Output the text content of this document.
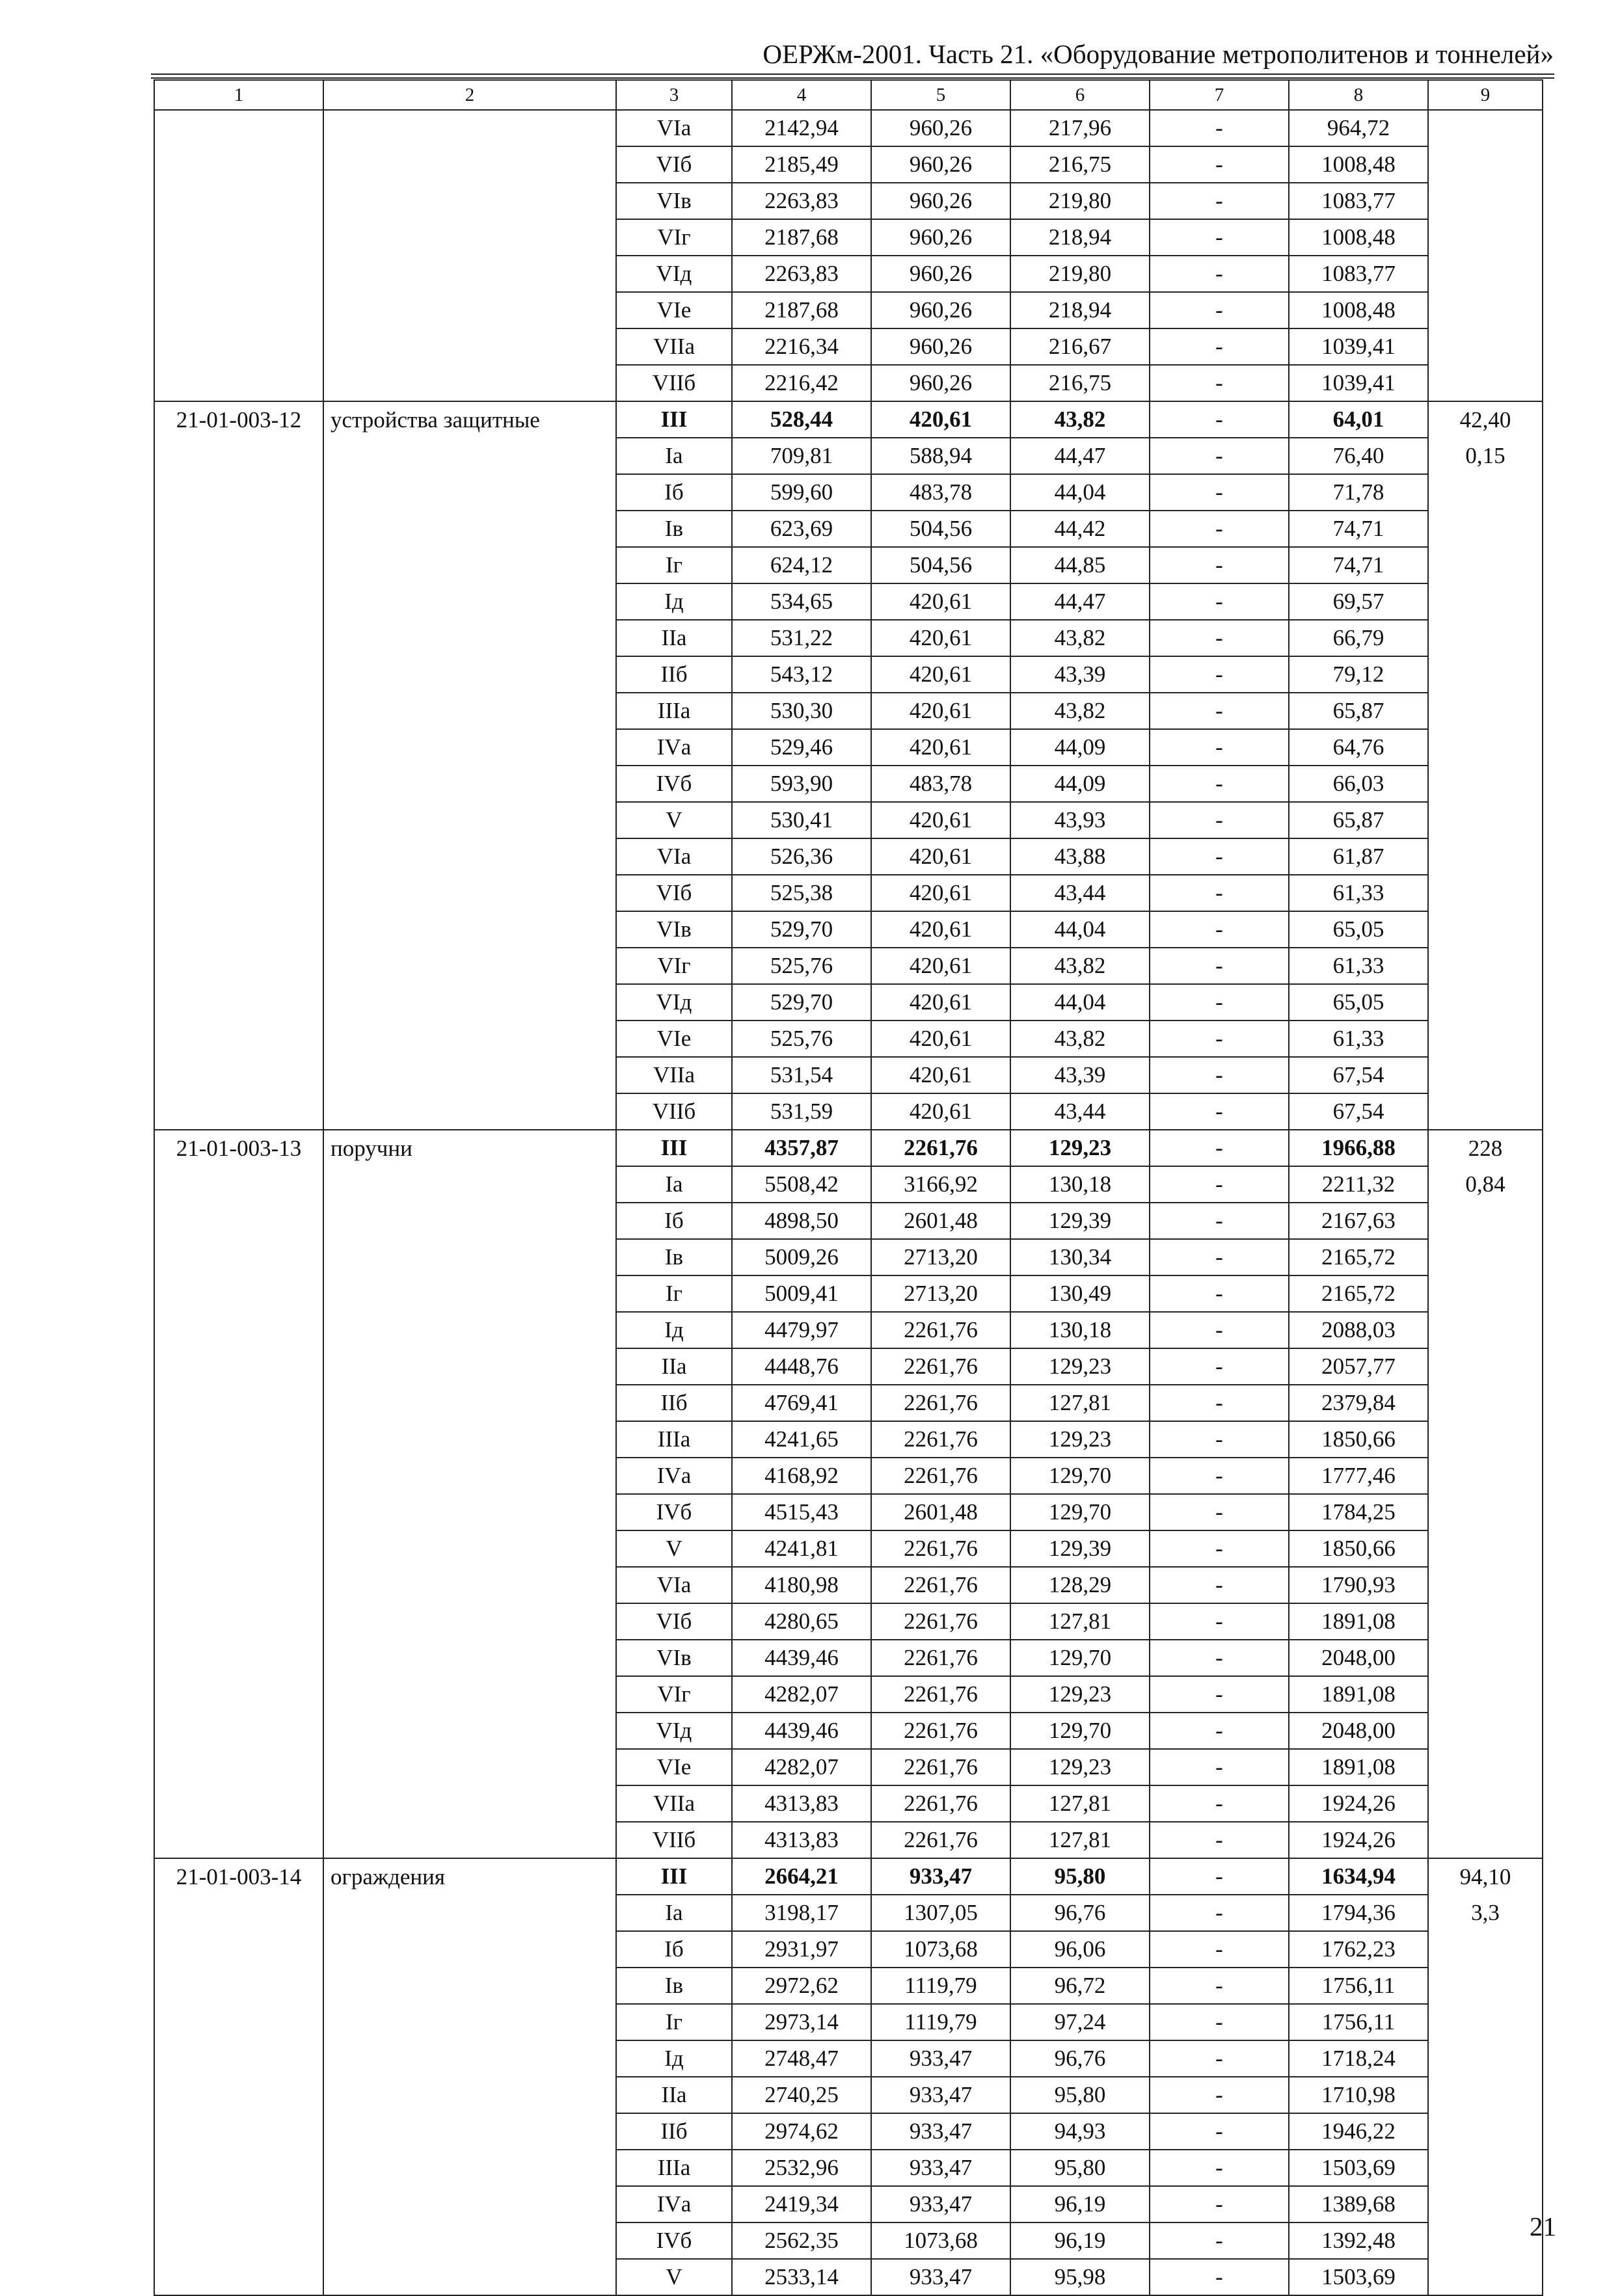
ОЕРЖм-2001. Часть 21. «Оборудование метрополитенов и тоннелей»
1	2	3	4	5	6	7	8	9
		VIа	2142,94	960,26	217,96	-	964,72	
		VIб	2185,49	960,26	216,75	-	1008,48	
		VIв	2263,83	960,26	219,80	-	1083,77	
		VIг	2187,68	960,26	218,94	-	1008,48	
		VIд	2263,83	960,26	219,80	-	1083,77	
		VIе	2187,68	960,26	218,94	-	1008,48	
		VIIа	2216,34	960,26	216,67	-	1039,41	
		VIIб	2216,42	960,26	216,75	-	1039,41	
21-01-003-12	устройства защитные	III	528,44	420,61	43,82	-	64,01	42,40
		Iа	709,81	588,94	44,47	-	76,40	0,15
		Iб	599,60	483,78	44,04	-	71,78	
		Iв	623,69	504,56	44,42	-	74,71	
		Iг	624,12	504,56	44,85	-	74,71	
		Iд	534,65	420,61	44,47	-	69,57	
		IIа	531,22	420,61	43,82	-	66,79	
		IIб	543,12	420,61	43,39	-	79,12	
		IIIа	530,30	420,61	43,82	-	65,87	
		IVа	529,46	420,61	44,09	-	64,76	
		IVб	593,90	483,78	44,09	-	66,03	
		V	530,41	420,61	43,93	-	65,87	
		VIа	526,36	420,61	43,88	-	61,87	
		VIб	525,38	420,61	43,44	-	61,33	
		VIв	529,70	420,61	44,04	-	65,05	
		VIг	525,76	420,61	43,82	-	61,33	
		VIд	529,70	420,61	44,04	-	65,05	
		VIе	525,76	420,61	43,82	-	61,33	
		VIIа	531,54	420,61	43,39	-	67,54	
		VIIб	531,59	420,61	43,44	-	67,54	
21-01-003-13	поручни	III	4357,87	2261,76	129,23	-	1966,88	228
		Iа	5508,42	3166,92	130,18	-	2211,32	0,84
		Iб	4898,50	2601,48	129,39	-	2167,63	
		Iв	5009,26	2713,20	130,34	-	2165,72	
		Iг	5009,41	2713,20	130,49	-	2165,72	
		Iд	4479,97	2261,76	130,18	-	2088,03	
		IIа	4448,76	2261,76	129,23	-	2057,77	
		IIб	4769,41	2261,76	127,81	-	2379,84	
		IIIа	4241,65	2261,76	129,23	-	1850,66	
		IVа	4168,92	2261,76	129,70	-	1777,46	
		IVб	4515,43	2601,48	129,70	-	1784,25	
		V	4241,81	2261,76	129,39	-	1850,66	
		VIа	4180,98	2261,76	128,29	-	1790,93	
		VIб	4280,65	2261,76	127,81	-	1891,08	
		VIв	4439,46	2261,76	129,70	-	2048,00	
		VIг	4282,07	2261,76	129,23	-	1891,08	
		VIд	4439,46	2261,76	129,70	-	2048,00	
		VIе	4282,07	2261,76	129,23	-	1891,08	
		VIIа	4313,83	2261,76	127,81	-	1924,26	
		VIIб	4313,83	2261,76	127,81	-	1924,26	
21-01-003-14	ограждения	III	2664,21	933,47	95,80	-	1634,94	94,10
		Iа	3198,17	1307,05	96,76	-	1794,36	3,3
		Iб	2931,97	1073,68	96,06	-	1762,23	
		Iв	2972,62	1119,79	96,72	-	1756,11	
		Iг	2973,14	1119,79	97,24	-	1756,11	
		Iд	2748,47	933,47	96,76	-	1718,24	
		IIа	2740,25	933,47	95,80	-	1710,98	
		IIб	2974,62	933,47	94,93	-	1946,22	
		IIIа	2532,96	933,47	95,80	-	1503,69	
		IVа	2419,34	933,47	96,19	-	1389,68	
		IVб	2562,35	1073,68	96,19	-	1392,48	
		V	2533,14	933,47	95,98	-	1503,69	
21
